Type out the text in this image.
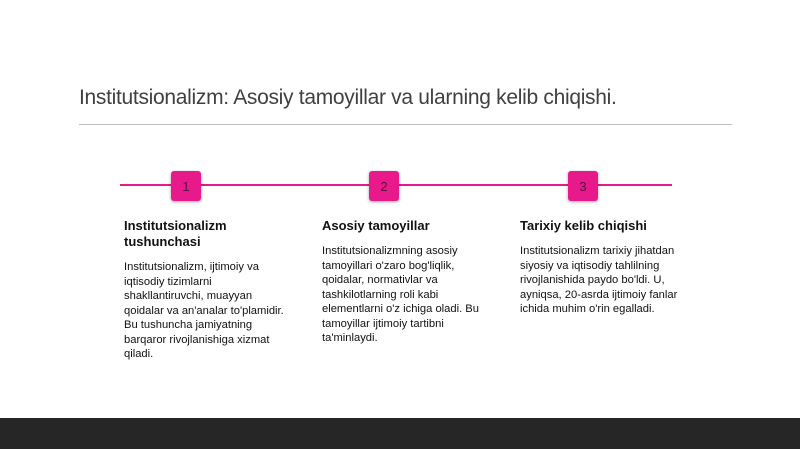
Institutsionalizm: Asosiy tamoyillar va ularning kelib chiqishi.
1	2	3

Institutsionalizm tushunchasi

Institutsionalizm, ijtimoiy va iqtisodiy tizimlarni shakllantiruvchi, muayyan qoidalar va an'analar to'plamidir. Bu tushuncha jamiyatning barqaror rivojlanishiga xizmat qiladi.

Asosiy tamoyillar

Institutsionalizmning asosiy tamoyillari o'zaro bog'liqlik, qoidalar, normativlar va tashkilotlarning roli kabi elementlarni o'z ichiga oladi. Bu tamoyillar ijtimoiy tartibni ta'minlaydi.

Tarixiy kelib chiqishi

Institutsionalizm tarixiy jihatdan siyosiy va iqtisodiy tahlilning rivojlanishida paydo bo'ldi. U, ayniqsa, 20-asrda ijtimoiy fanlar ichida muhim o'rin egalladi.
